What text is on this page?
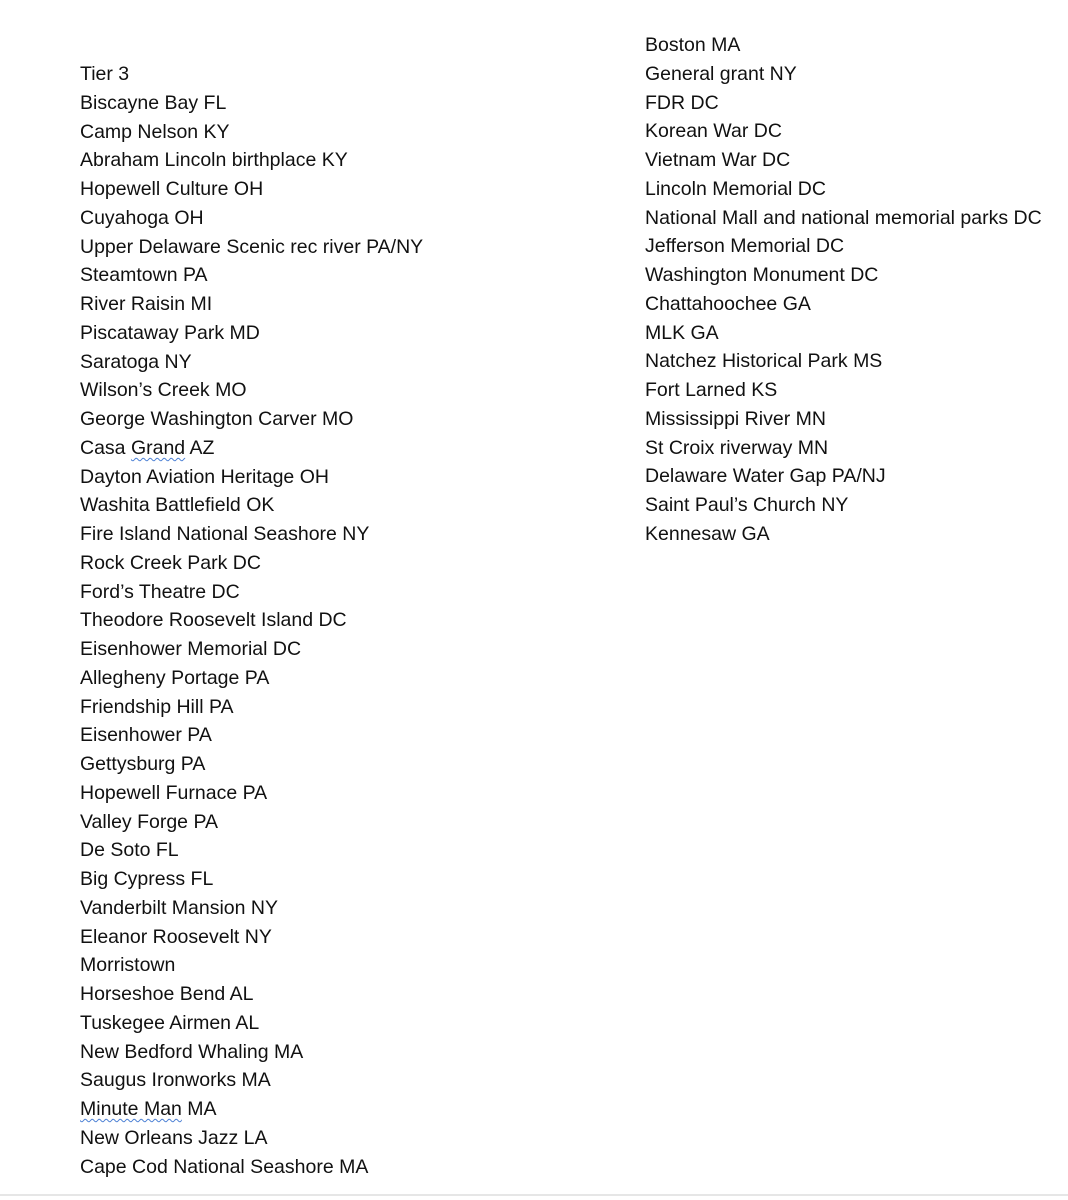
Tier 3
Biscayne Bay FL
Camp Nelson KY
Abraham Lincoln birthplace KY
Hopewell Culture OH
Cuyahoga OH
Upper Delaware Scenic rec river PA/NY
Steamtown PA
River Raisin MI
Piscataway Park MD
Saratoga NY
Wilson’s Creek MO
George Washington Carver MO
Casa Grand AZ
Dayton Aviation Heritage OH
Washita Battlefield OK
Fire Island National Seashore NY
Rock Creek Park DC
Ford’s Theatre DC
Theodore Roosevelt Island DC
Eisenhower Memorial DC
Allegheny Portage PA
Friendship Hill PA
Eisenhower PA
Gettysburg PA
Hopewell Furnace PA
Valley Forge PA
De Soto FL
Big Cypress FL
Vanderbilt Mansion NY
Eleanor Roosevelt NY
Morristown
Horseshoe Bend AL
Tuskegee Airmen AL
New Bedford Whaling MA
Saugus Ironworks MA
Minute Man MA
New Orleans Jazz LA
Cape Cod National Seashore MA
Boston MA
General grant NY
FDR DC
Korean War DC
Vietnam War DC
Lincoln Memorial DC
National Mall and national memorial parks DC
Jefferson Memorial DC
Washington Monument DC
Chattahoochee GA
MLK GA
Natchez Historical Park MS
Fort Larned KS
Mississippi River MN
St Croix riverway MN
Delaware Water Gap PA/NJ
Saint Paul’s Church NY
Kennesaw GA
